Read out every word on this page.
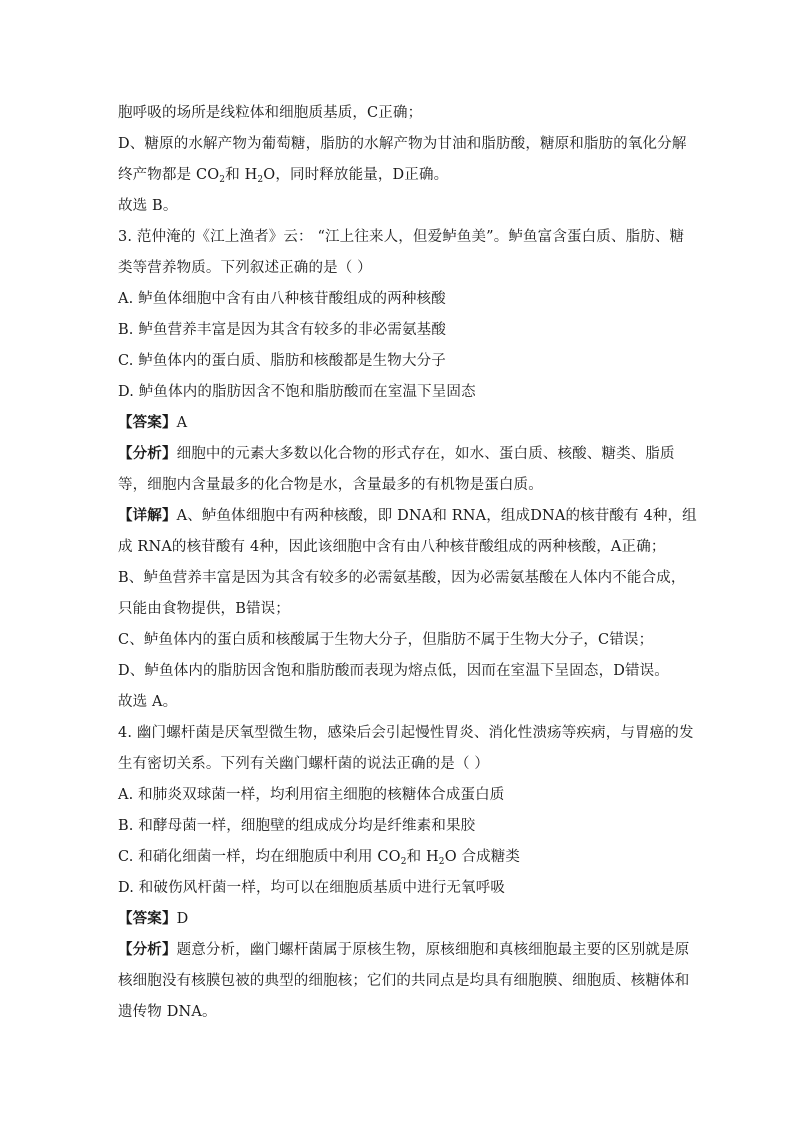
胞呼吸的场所是线粒体和细胞质基质，C正确；
D、糖原的水解产物为葡萄糖，脂肪的水解产物为甘油和脂肪酸，糖原和脂肪的氧化分解
终产物都是 $CO_2$和 $H_2O$，同时释放能量，D正确。
故选 B。
3. 范仲淹的《江上渔者》云： “江上往来人，但爱鲈鱼美”。鲈鱼富含蛋白质、脂肪、糖
类等营养物质。下列叙述正确的是（ ）
A. 鲈鱼体细胞中含有由八种核苷酸组成的两种核酸
B. 鲈鱼营养丰富是因为其含有较多的非必需氨基酸
C. 鲈鱼体内的蛋白质、脂肪和核酸都是生物大分子
D. 鲈鱼体内的脂肪因含不饱和脂肪酸而在室温下呈固态
【答案】A
【分析】细胞中的元素大多数以化合物的形式存在，如水、蛋白质、核酸、糖类、脂质
等，细胞内含量最多的化合物是水，含量最多的有机物是蛋白质。
【详解】A、鲈鱼体细胞中有两种核酸，即 DNA和 RNA，组成DNA的核苷酸有 4种，组
成 RNA的核苷酸有 4种，因此该细胞中含有由八种核苷酸组成的两种核酸，A正确；
B、鲈鱼营养丰富是因为其含有较多的必需氨基酸，因为必需氨基酸在人体内不能合成，
只能由食物提供，B错误；
C、鲈鱼体内的蛋白质和核酸属于生物大分子，但脂肪不属于生物大分子，C错误；
D、鲈鱼体内的脂肪因含饱和脂肪酸而表现为熔点低，因而在室温下呈固态，D错误。
故选 A。
4. 幽门螺杆菌是厌氧型微生物，感染后会引起慢性胃炎、消化性溃疡等疾病，与胃癌的发
生有密切关系。下列有关幽门螺杆菌的说法正确的是（ ）
A. 和肺炎双球菌一样，均利用宿主细胞的核糖体合成蛋白质
B. 和酵母菌一样，细胞壁的组成成分均是纤维素和果胶
C. 和硝化细菌一样，均在细胞质中利用 $CO_2$和 $H_2O$ 合成糖类
D. 和破伤风杆菌一样，均可以在细胞质基质中进行无氧呼吸
【答案】D
【分析】题意分析，幽门螺杆菌属于原核生物，原核细胞和真核细胞最主要的区别就是原
核细胞没有核膜包被的典型的细胞核；它们的共同点是均具有细胞膜、细胞质、核糖体和
遗传物 DNA。
